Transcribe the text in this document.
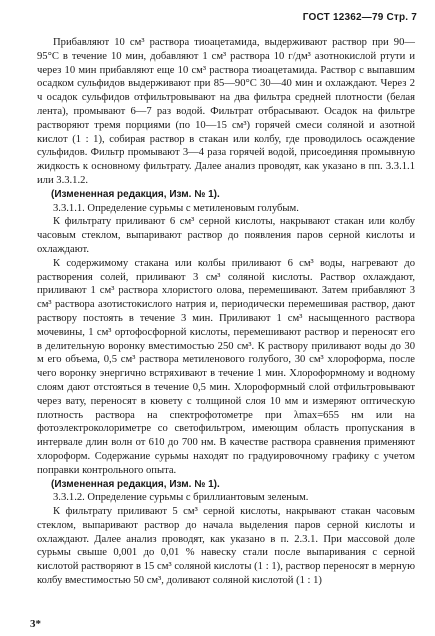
ГОСТ 12362—79 Стр. 7

Прибавляют 10 см³ раствора тиоацетамида, выдерживают раствор при 90—95°С в течение 10 мин, добавляют 1 см³ раствора 10 г/дм³ азотнокислой ртути и через 10 мин прибавляют еще 10 см³ раствора тиоацетамида. Раствор с выпавшим осадком сульфидов выдерживают при 85—90°С 30—40 мин и охлаждают. Через 2 ч осадок сульфидов отфильтровывают на два фильтра средней плотности (белая лента), промывают 6—7 раз водой. Фильтрат отбрасывают. Осадок на фильтре растворяют тремя порциями (по 10—15 см³) горячей смеси соляной и азотной кислот (1 : 1), собирая раствор в стакан или колбу, где проводилось осаждение сульфидов. Фильтр промывают 3—4 раза горячей водой, присоединяя промывную жидкость к основному фильтрату. Далее анализ проводят, как указано в пп. 3.3.1.1 или 3.3.1.2.

(Измененная редакция, Изм. № 1).

3.3.1.1. Определение сурьмы с метиленовым голубым.

К фильтрату приливают 6 см³ серной кислоты, накрывают стакан или колбу часовым стеклом, выпаривают раствор до появления паров серной кислоты и охлаждают.

К содержимому стакана или колбы приливают 6 см³ воды, нагревают до растворения солей, приливают 3 см³ соляной кислоты. Раствор охлаждают, приливают 1 см³ раствора хлористого олова, перемешивают. Затем прибавляют 3 см³ раствора азотистокислого натрия и, периодически перемешивая раствор, дают раствору постоять в течение 3 мин. Приливают 1 см³ насыщенного раствора мочевины, 1 см³ ортофосфорной кислоты, перемешивают раствор и переносят его в делительную воронку вместимостью 250 см³. К раствору приливают воды до 30 м его объема, 0,5 см³ раствора метиленового голубого, 30 см³ хлороформа, после чего воронку энергично встряхивают в течение 1 мин. Хлороформному и водному слоям дают отстояться в течение 0,5 мин. Хлороформный слой отфильтровывают через вату, переносят в кювету с толщиной слоя 10 мм и измеряют оптическую плотность раствора на спектрофотометре при λmax=655 нм или на фотоэлектроколориметре со светофильтром, имеющим область пропускания в интервале длин волн от 610 до 700 нм. В качестве раствора сравнения применяют хлороформ. Содержание сурьмы находят по градуировочному графику с учетом поправки контрольного опыта.

(Измененная редакция, Изм. № 1).

3.3.1.2. Определение сурьмы с бриллиантовым зеленым.

К фильтрату приливают 5 см³ серной кислоты, накрывают стакан часовым стеклом, выпаривают раствор до начала выделения паров серной кислоты и охлаждают. Далее анализ проводят, как указано в п. 2.3.1. При массовой доле сурьмы свыше 0,001 до 0,01 % навеску стали после выпаривания с серной кислотой растворяют в 15 см³ соляной кислоты (1 : 1), раствор переносят в мерную колбу вместимостью 50 см³, доливают соляной кислотой (1 : 1)

3*
